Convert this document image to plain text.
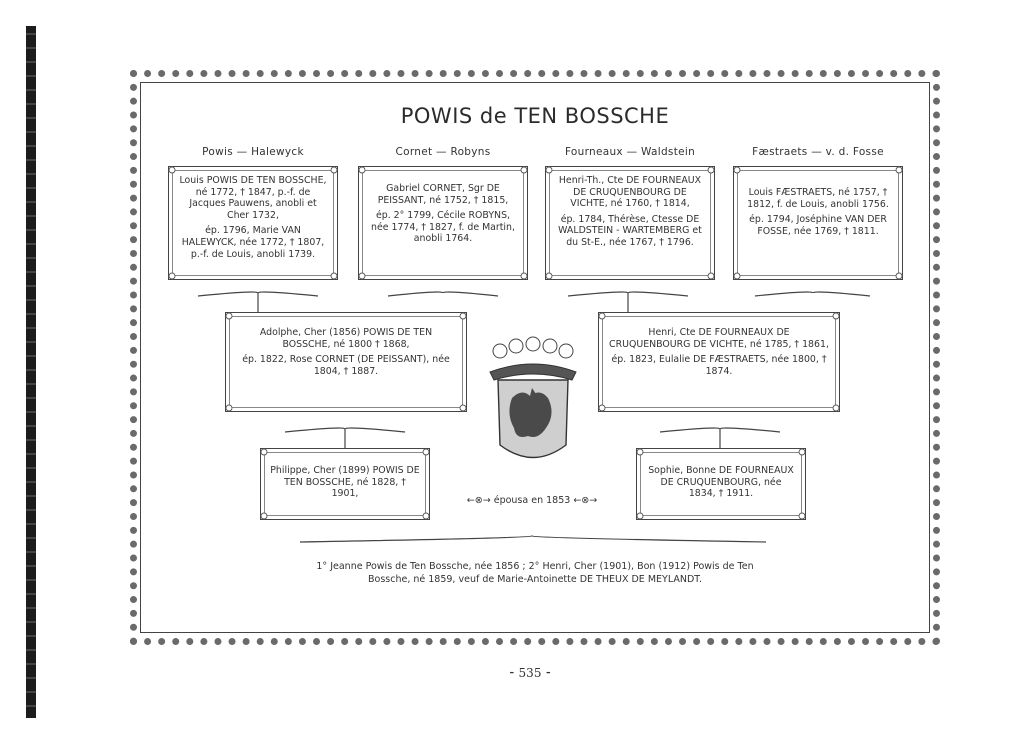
POWIS de TEN BOSSCHE
Powis — Halewyck	Cornet — Robyns	Fourneaux — Waldstein	Fæstraets — v. d. Fosse

Louis POWIS DE TEN BOSSCHE, né 1772, † 1847, p.-f. de Jacques Pauwens, anobli et Cher 1732,

ép. 1796, Marie VAN HALEWYCK, née 1772, † 1807, p.-f. de Louis, anobli 1739.

Gabriel CORNET, Sgr DE PEISSANT, né 1752, † 1815,

ép. 2° 1799, Cécile ROBYNS, née 1774, † 1827, f. de Martin, anobli 1764.

Henri-Th., Cte DE FOURNEAUX DE CRUQUENBOURG DE VICHTE, né 1760, † 1814,

ép. 1784, Thérèse, Ctesse DE WALDSTEIN - WARTEMBERG et du St-E., née 1767, † 1796.

Louis FÆSTRAETS, né 1757, † 1812, f. de Louis, anobli 1756.

ép. 1794, Joséphine VAN DER FOSSE, née 1769, † 1811.

Adolphe, Cher (1856) POWIS DE TEN BOSSCHE, né 1800 † 1868,

ép. 1822, Rose CORNET (DE PEISSANT), née 1804, † 1887.

Henri, Cte DE FOURNEAUX DE CRUQUENBOURG DE VICHTE, né 1785, † 1861,

ép. 1823, Eulalie DE FÆSTRAETS, née 1800, † 1874.

Philippe, Cher (1899) POWIS DE TEN BOSSCHE, né 1828, † 1901,

Sophie, Bonne DE FOURNEAUX DE CRUQUENBOURG, née 1834, † 1911.

←⊗→ épousa en 1853 ←⊗→
1° Jeanne Powis de Ten Bossche, née 1856 ; 2° Henri, Cher (1901), Bon (1912) Powis de Ten Bossche, né 1859, veuf de Marie-Antoinette DE THEUX DE MEYLANDT.
⁃ 535 ⁃
